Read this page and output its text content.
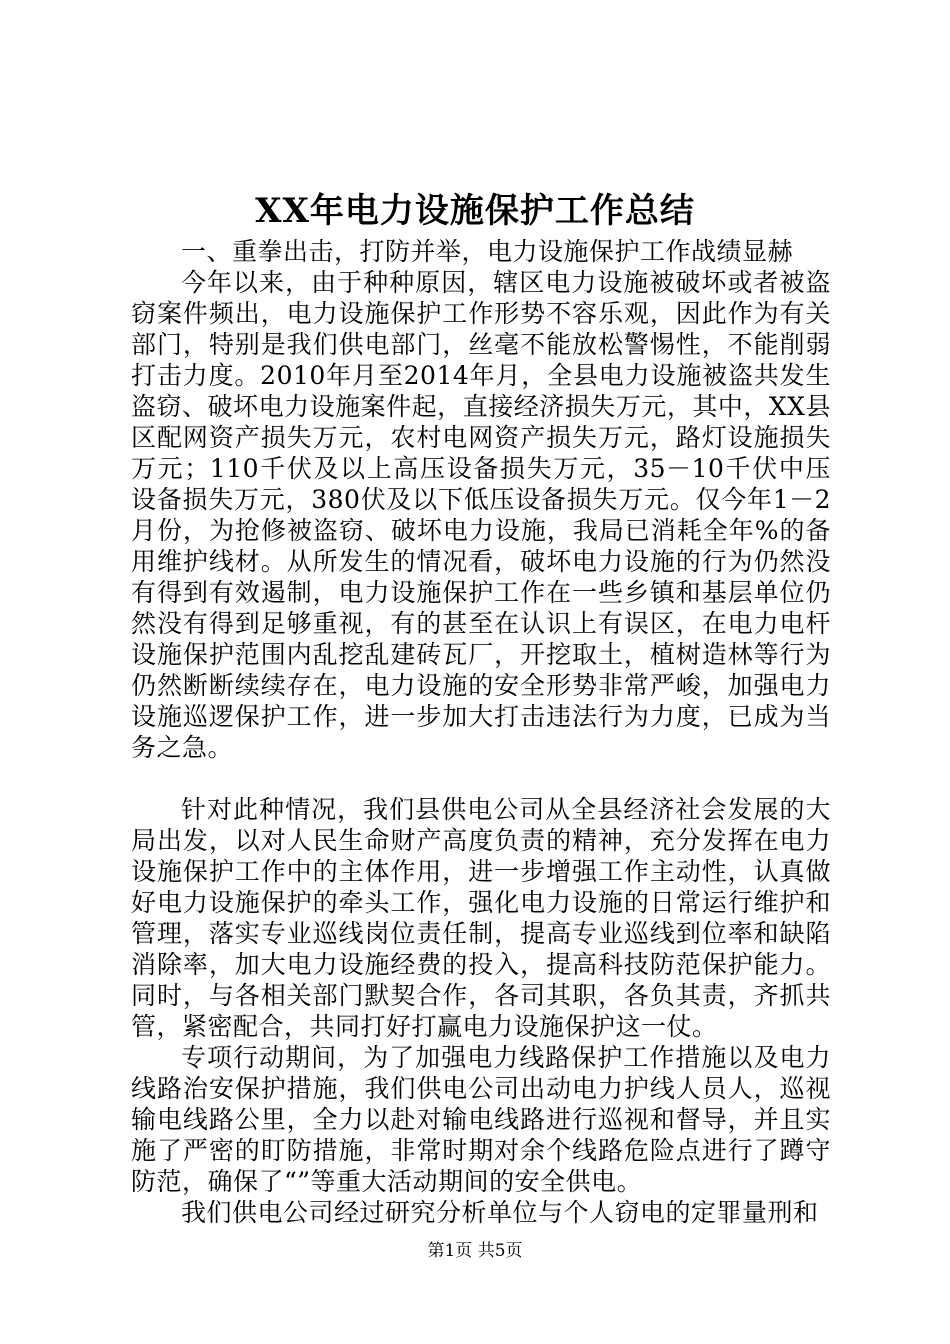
XX年电力设施保护工作总结

一、重拳出击，打防并举，电力设施保护工作战绩显赫

今年以来，由于种种原因，辖区电力设施被破坏或者被盗窃案件频出，电力设施保护工作形势不容乐观，因此作为有关部门，特别是我们供电部门，丝毫不能放松警惕性，不能削弱打击力度。2010年月至2014年月，全县电力设施被盗共发生盗窃、破坏电力设施案件起，直接经济损失万元，其中，XX县区配网资产损失万元，农村电网资产损失万元，路灯设施损失万元；110千伏及以上高压设备损失万元，35－10千伏中压设备损失万元，380伏及以下低压设备损失万元。仅今年1－2月份，为抢修被盗窃、破坏电力设施，我局已消耗全年%的备用维护线材。从所发生的情况看，破坏电力设施的行为仍然没有得到有效遏制，电力设施保护工作在一些乡镇和基层单位仍然没有得到足够重视，有的甚至在认识上有误区，在电力电杆设施保护范围内乱挖乱建砖瓦厂，开挖取土，植树造林等行为仍然断断续续存在，电力设施的安全形势非常严峻，加强电力设施巡逻保护工作，进一步加大打击违法行为力度，已成为当务之急。

针对此种情况，我们县供电公司从全县经济社会发展的大局出发，以对人民生命财产高度负责的精神，充分发挥在电力设施保护工作中的主体作用，进一步增强工作主动性，认真做好电力设施保护的牵头工作，强化电力设施的日常运行维护和管理，落实专业巡线岗位责任制，提高专业巡线到位率和缺陷消除率，加大电力设施经费的投入，提高科技防范保护能力。同时，与各相关部门默契合作，各司其职，各负其责，齐抓共管，紧密配合，共同打好打赢电力设施保护这一仗。

专项行动期间，为了加强电力线路保护工作措施以及电力线路治安保护措施，我们供电公司出动电力护线人员人，巡视输电线路公里，全力以赴对输电线路进行巡视和督导，并且实施了严密的盯防措施，非常时期对余个线路危险点进行了蹲守防范，确保了“”等重大活动期间的安全供电。

我们供电公司经过研究分析单位与个人窃电的定罪量刑和

第1页 共5页
